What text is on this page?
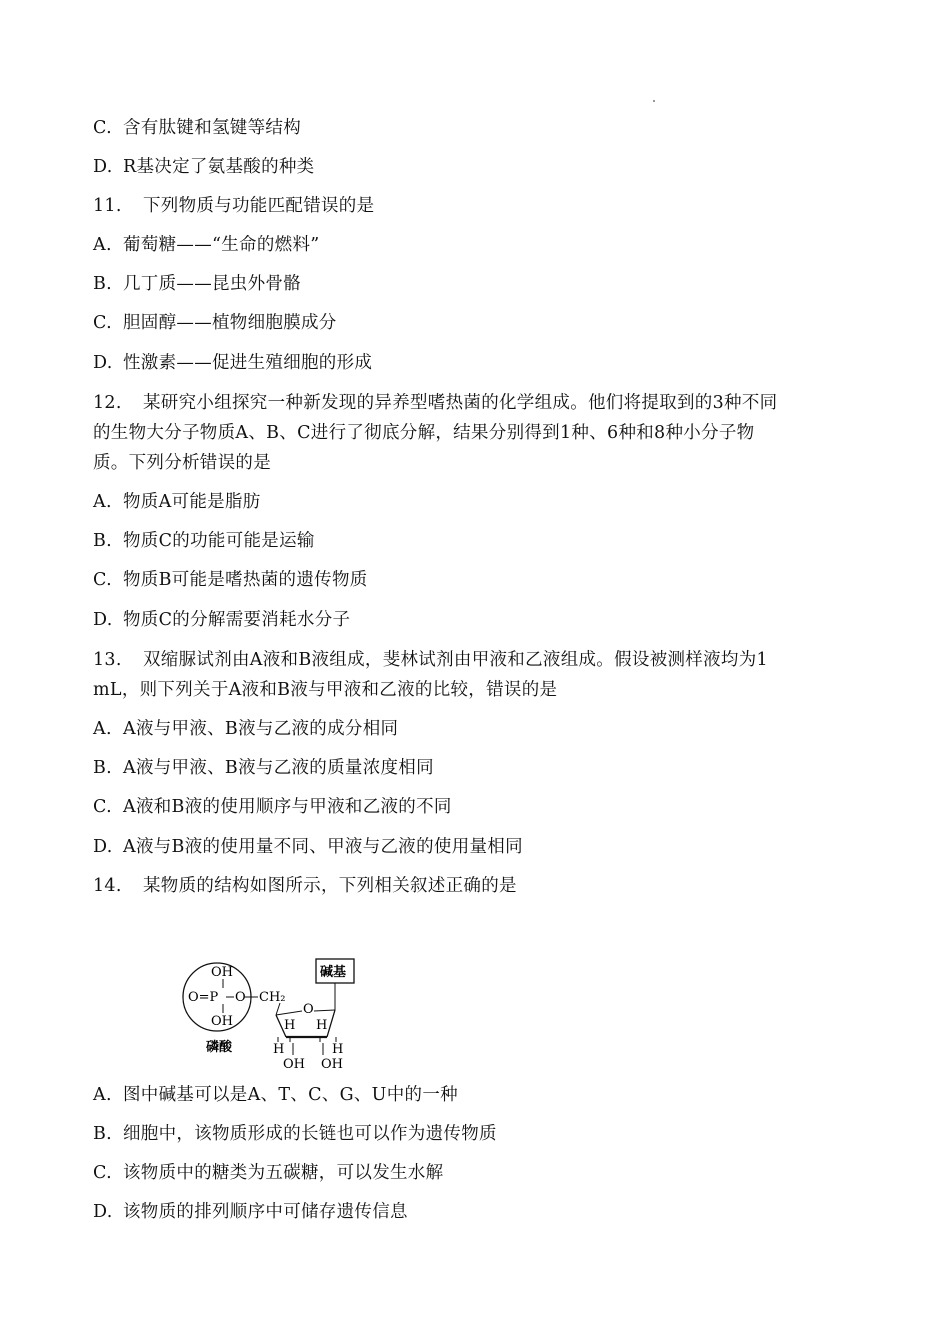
C. 含有肽键和氢键等结构
D. R基决定了氨基酸的种类
11. 下列物质与功能匹配错误的是
A. 葡萄糖——“生命的燃料”
B. 几丁质——昆虫外骨骼
C. 胆固醇——植物细胞膜成分
D. 性激素——促进生殖细胞的形成
12. 某研究小组探究一种新发现的异养型嗜热菌的化学组成。他们将提取到的3种不同
的生物大分子物质A、B、C进行了彻底分解，结果分别得到1种、6种和8种小分子物
质。下列分析错误的是
A. 物质A可能是脂肪
B. 物质C的功能可能是运输
C. 物质B可能是嗜热菌的遗传物质
D. 物质C的分解需要消耗水分子
13. 双缩脲试剂由A液和B液组成，斐林试剂由甲液和乙液组成。假设被测样液均为1
mL，则下列关于A液和B液与甲液和乙液的比较，错误的是
A. A液与甲液、B液与乙液的成分相同
B. A液与甲液、B液与乙液的质量浓度相同
C. A液和B液的使用顺序与甲液和乙液的不同
D. A液与B液的使用量不同、甲液与乙液的使用量相同
14. 某物质的结构如图所示，下列相关叙述正确的是
OH
O=P O
OH
磷酸
CH₂
碱基
O
H H
H	H
OH OH
A. 图中碱基可以是A、T、C、G、U中的一种
B. 细胞中，该物质形成的长链也可以作为遗传物质
C. 该物质中的糖类为五碳糖，可以发生水解
D. 该物质的排列顺序中可储存遗传信息
